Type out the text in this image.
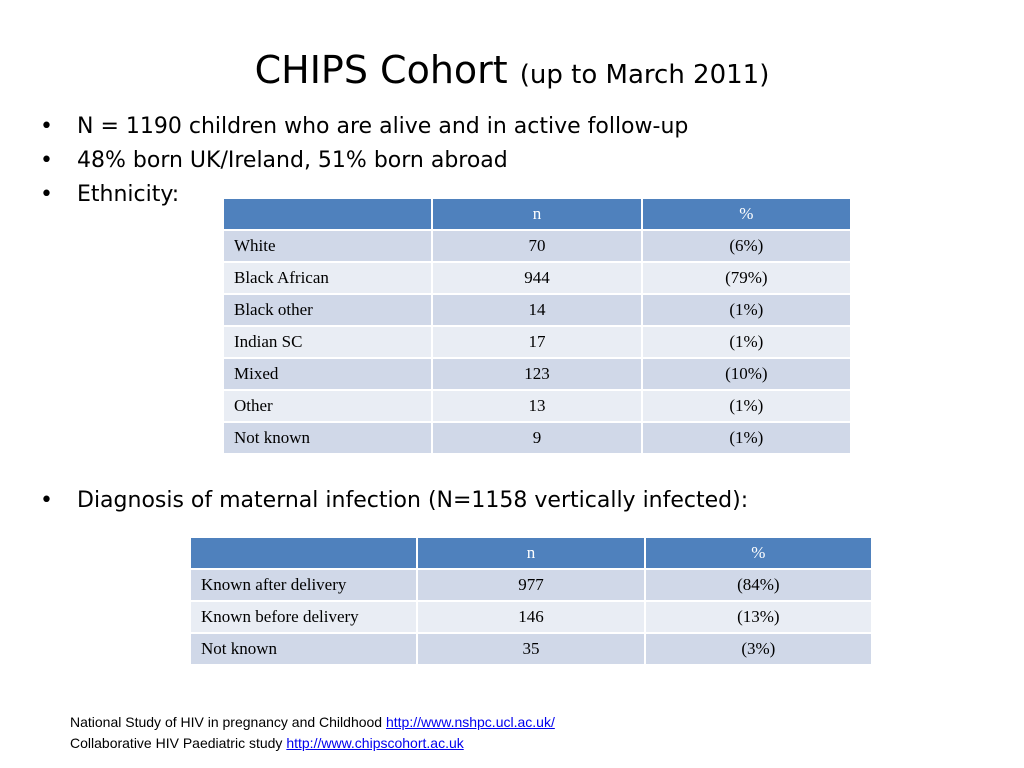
CHIPS Cohort (up to March 2011)
• N = 1190 children who are alive and in active follow-up
• 48% born UK/Ireland, 51% born abroad
• Ethnicity:
	n	%
White	70	(6%)
Black African	944	(79%)
Black other	14	(1%)
Indian SC	17	(1%)
Mixed	123	(10%)
Other	13	(1%)
Not known	9	(1%)
• Diagnosis of maternal infection (N=1158 vertically infected):
	n	%
Known after delivery	977	(84%)
Known before delivery	146	(13%)
Not known	35	(3%)
National Study of HIV in pregnancy and Childhood http://www.nshpc.ucl.ac.uk/
Collaborative HIV Paediatric study http://www.chipscohort.ac.uk
